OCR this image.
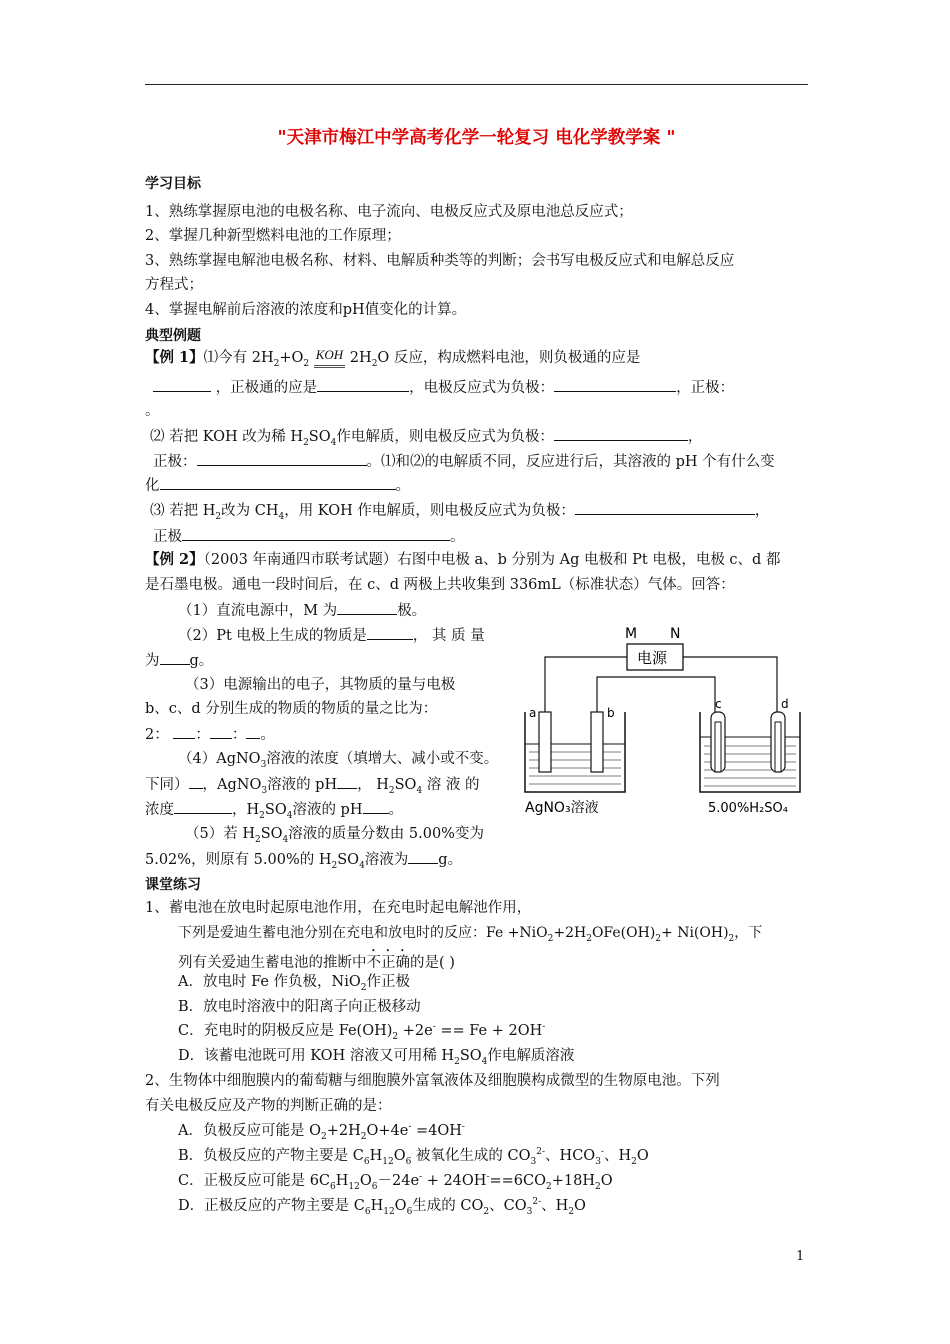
"天津市梅江中学高考化学一轮复习 电化学教学案 "
学习目标
1、熟练掌握原电池的电极名称、电子流向、电极反应式及原电池总反应式；
2、掌握几种新型燃料电池的工作原理；
3、熟练掌握电解池电极名称、材料、电解质种类等的判断；会书写电极反应式和电解总反应
方程式；
4、掌握电解前后溶液的浓度和pH值变化的计算。
典型例题
【例 1】⑴今有 $2H_2+O_2$ KOH $2H_2O$ 反应，构成燃料电池，则负极通的应是
，正极通的应是	，电极反应式为负极：	，正极：
。
⑵ 若把 KOH 改为稀 $H_2SO_4$作电解质，则电极反应式为负极：	，
正极：	。⑴和⑵的电解质不同，反应进行后，其溶液的 pH 个有什么变
化	。
⑶ 若把 $H_2$改为 $CH_4$，用 KOH 作电解质，则电极反应式为负极：	，
正极	。
【例 2】（2003 年南通四市联考试题）右图中电极 a、b 分别为 Ag 电极和 Pt 电极，电极 c、d 都
是石墨电极。通电一段时间后，在 c、d 两极上共收集到 336mL（标准状态）气体。回答：
（1）直流电源中，M 为	极。
（2）Pt 电极上生成的物质是	， 其 质 量
为 g。
（3）电源输出的电子，其物质的量与电极
b、c、d 分别生成的物质的物质的量之比为：
2： ： ： 。
（4）AgNO$_3$溶液的浓度（填增大、减小或不变。
下同） ，AgNO$_3$溶液的 pH ， $H_2SO_4$ 溶 液 的
浓度	，$H_2SO_4$溶液的 pH 。
（5）若 $H_2SO_4$溶液的质量分数由 5.00%变为
5.02%，则原有 5.00%的 $H_2SO_4$溶液为 g。
M N
电源
a	b
AgNO₃溶液
c	d
5.00%H₂SO₄
课堂练习
1、蓄电池在放电时起原电池作用，在充电时起电解池作用，
下列是爱迪生蓄电池分别在充电和放电时的反应：$Fe +NiO_2+2H_2OFe(OH)_2+ Ni(OH)_2$，下
列有关爱迪生蓄电池的推断中不正确的是( )
A．放电时 Fe 作负极，NiO$_2$作正极
B．放电时溶液中的阳离子向正极移动
C．充电时的阴极反应是 $Fe(OH)_2 +2e^- == Fe + 2OH^-$
D．该蓄电池既可用 KOH 溶液又可用稀 $H_2SO_4$作电解质溶液
2、生物体中细胞膜内的葡萄糖与细胞膜外富氧液体及细胞膜构成微型的生物原电池。下列
有关电极反应及产物的判断正确的是：
A．负极反应可能是 $O_2+2H_2O+4e^- =4OH^-$
B．负极反应的产物主要是 $C_6H_{12}O_6$ 被氧化生成的 $CO_3^{2-}$、$HCO_3^-$、$H_2O$
C．正极反应可能是 $6C_6H_{12}O_6-24e^- + 24OH^-==6CO_2+18H_2O$
D．正极反应的产物主要是 $C_6H_{12}O_6$生成的 $CO_2$、$CO_3^{2-}$、$H_2O$
1
